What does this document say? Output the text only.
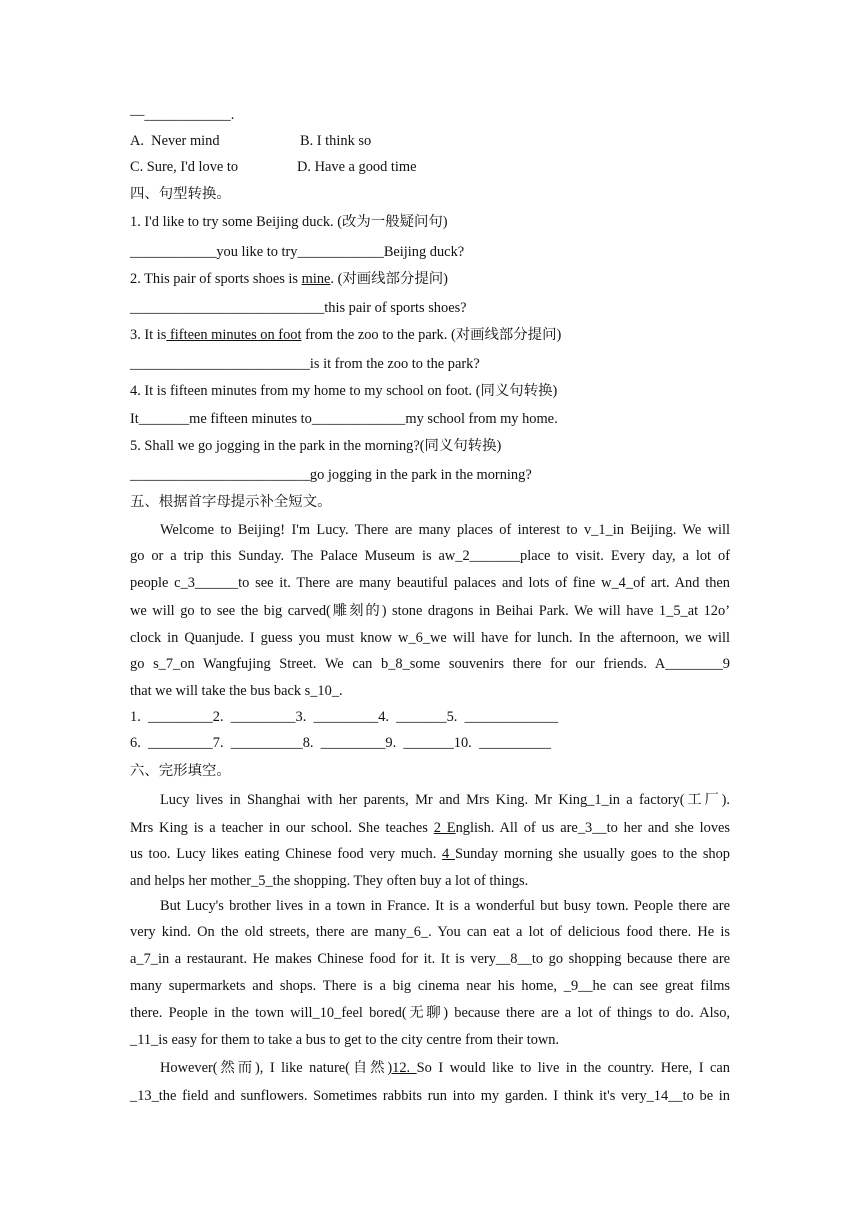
—____________.
A.  Never mind	B. I think so
C. Sure, I'd love to	D. Have a good time
四、句型转换。
1. I'd like to try some Beijing duck. (改为一般疑问句)
____________you like to try____________Beijing duck?
2. This pair of sports shoes is mine. (对画线部分提问)
___________________________this pair of sports shoes?
3. It is fifteen minutes on foot from the zoo to the park. (对画线部分提问)
_________________________is it from the zoo to the park?
4. It is fifteen minutes from my home to my school on foot. (同义句转换)
It_______me fifteen minutes to_____________my school from my home.
5. Shall we go jogging in the park in the morning?(同义句转换)
_________________________go jogging in the park in the morning?
五、根据首字母提示补全短文。
Welcome to Beijing! I'm Lucy. There are many places of interest to v_1_in Beijing. We will
go or a trip this Sunday. The Palace Museum is aw_2_______place to visit. Every day, a lot of
people c_3______to see it. There are many beautiful palaces and lots of fine w_4_of art. And then
we will go to see the big carved(雕刻的) stone dragons in Beihai Park. We will have 1_5_at 12o’
clock in Quanjude. I guess you must know w_6_we will have for lunch. In the afternoon, we will
go s_7_on Wangfujing Street. We can b_8_some souvenirs there for our friends. A________9
that we will take the bus back s_10_.
1.  _________2.  _________3.  _________4.  _______5.  _____________
6.  _________7.  __________8.  _________9.  _______10.  __________
六、完形填空。
Lucy lives in Shanghai with her parents, Mr and Mrs King. Mr King_1_in a factory(工厂).
Mrs King is a teacher in our school. She teaches 2 English. All of us are_3__to her and she loves
us too. Lucy likes eating Chinese food very much. 4 Sunday morning she usually goes to the shop
and helps her mother_5_the shopping. They often buy a lot of things.
But Lucy's brother lives in a town in France. It is a wonderful but busy town. People there are
very kind. On the old streets, there are many_6_. You can eat a lot of delicious food there. He is
a_7_in a restaurant. He makes Chinese food for it. It is very__8__to go shopping because there are
many supermarkets and shops. There is a big cinema near his home, _9__he can see great films
there. People in the town will_10_feel bored(无聊) because there are a lot of things to do. Also,
_11_is easy for them to take a bus to get to the city centre from their town.
However(然而), I like nature(自然)12. So I would like to live in the country. Here, I can
_13_the field and sunflowers. Sometimes rabbits run into my garden. I think it's very_14__to be in
